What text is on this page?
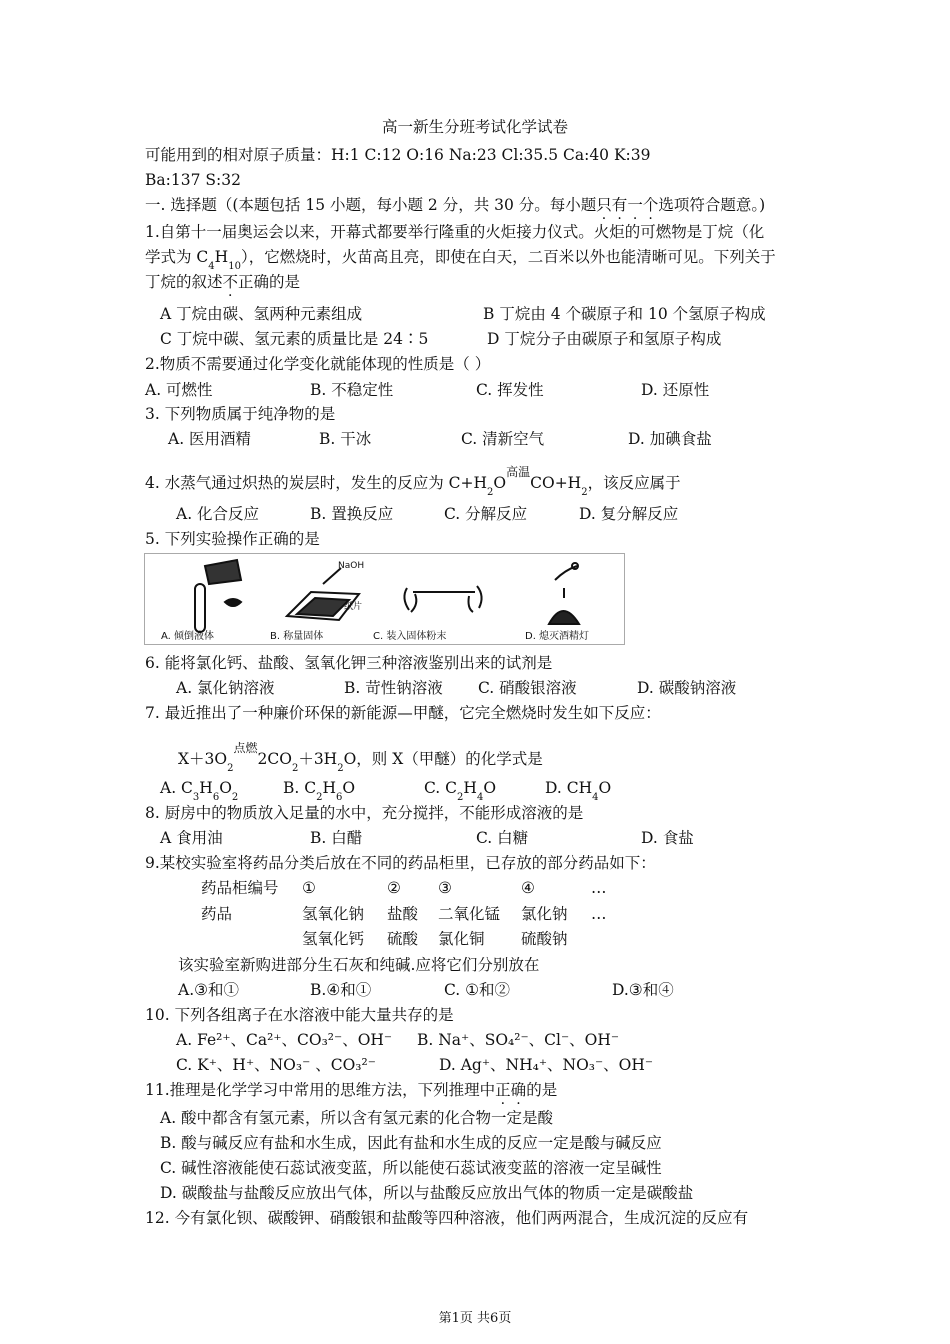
高一新生分班考试化学试卷
可能用到的相对原子质量：H:1 C:12 O:16 Na:23 Cl:35.5 Ca:40 K:39
Ba:137 S:32
一. 选择题（(本题包括 15 小题，每小题 2 分，共 30 分。每小题只有一个选项符合题意。)
1.自第十一届奥运会以来，开幕式都要举行隆重的火炬接力仪式。火炬的可燃物是丁烷（化
学式为 $C_4H_{10}$），它燃烧时，火苗高且亮，即使在白天，二百米以外也能清晰可见。下列关于
丁烷的叙述不正确的是
A 丁烷由碳、氢两种元素组成	B 丁烷由 4 个碳原子和 10 个氢原子构成
C 丁烷中碳、氢元素的质量比是 24∶5	D 丁烷分子由碳原子和氢原子构成
2.物质不需要通过化学变化就能体现的性质是（ ）
A. 可燃性	B. 不稳定性	C. 挥发性	D. 还原性
3. 下列物质属于纯净物的是
A. 医用酒精	B. 干冰	C. 清新空气	D. 加碘食盐
4. 水蒸气通过炽热的炭层时，发生的反应为 $C+H_2O^{高温}CO+H_2$，该反应属于
A. 化合反应	B. 置换反应	C. 分解反应	D. 复分解反应
5. 下列实验操作正确的是
NaOH
纸片
A. 倾倒液体	B. 称量固体	C. 装入固体粉末	D. 熄灭酒精灯
6. 能将氯化钙、盐酸、氢氧化钾三种溶液鉴别出来的试剂是
A. 氯化钠溶液	B. 苛性钠溶液 C. 硝酸银溶液	D. 碳酸钠溶液
7. 最近推出了一种廉价环保的新能源—甲醚，它完全燃烧时发生如下反应：
$X+3O_2^{点燃}2CO_2+3H_2O$，则 X（甲醚）的化学式是
A. $C_3H_6O_2$
B. $C_2H_6O$	C. $C_2H_4O$	D. $CH_4O$
8. 厨房中的物质放入足量的水中，充分搅拌，不能形成溶液的是
A 食用油	B. 白醋	C. 白糖	D. 食盐
9.某校实验室将药品分类后放在不同的药品柜里，已存放的部分药品如下：
药品柜编号 ①	② ③	④	…
药品	氢氧化钠 盐酸 二氧化锰 氯化钠 …
氢氧化钙 硫酸 氯化铜 硫酸钠
该实验室新购进部分生石灰和纯碱.应将它们分别放在
A.③和①	B.④和①	C. ①和②	D.③和④
10. 下列各组离子在水溶液中能大量共存的是
A. Fe²⁺、Ca²⁺、CO₃²⁻、OH⁻ B. Na⁺、SO₄²⁻、Cl⁻、OH⁻
C. K⁺、H⁺、NO₃⁻ 、CO₃²⁻	D. Ag⁺、NH₄⁺、NO₃⁻、OH⁻
11.推理是化学学习中常用的思维方法，下列推理中正确的是
A. 酸中都含有氢元素，所以含有氢元素的化合物一定是酸
B. 酸与碱反应有盐和水生成，因此有盐和水生成的反应一定是酸与碱反应
C. 碱性溶液能使石蕊试液变蓝，所以能使石蕊试液变蓝的溶液一定呈碱性
D. 碳酸盐与盐酸反应放出气体，所以与盐酸反应放出气体的物质一定是碳酸盐
12. 今有氯化钡、碳酸钾、硝酸银和盐酸等四种溶液，他们两两混合，生成沉淀的反应有
第1页 共6页
